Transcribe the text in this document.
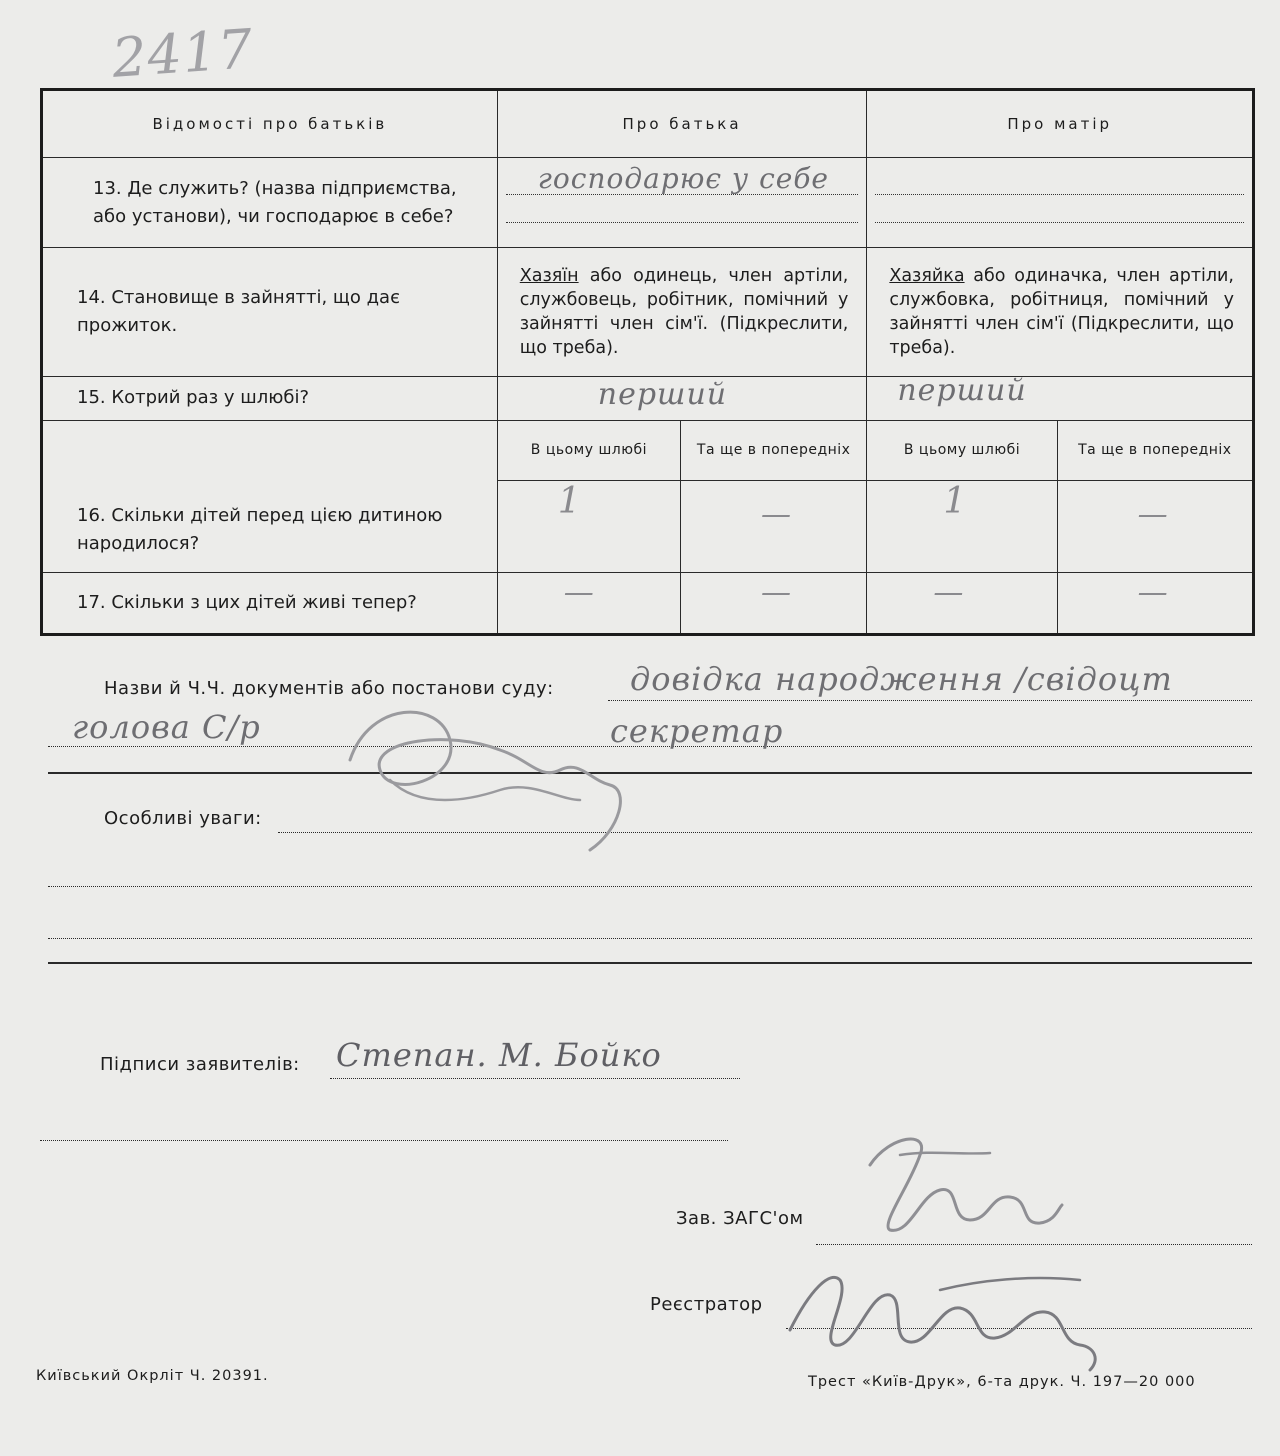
2417
Відомості про батьків	Про батька		Про матір	
13. Де служить? (назва підприємства, або установи), чи господарює в себе?	господарює у себе			

14. Становище в зайнятті, що дає прожиток.	Хазяїн або одинець, член артіли, службовець, робітник, помічний у зайнятті член сім'ї. (Підкреслити, що треба).		Хазяйка або одиначка, член артіли, службовка, робітниця, помічний у зайнятті член сім'ї (Підкреслити, що треба).	
15. Котрий раз у шлюбі?	перший		перший	

16. Скільки дітей перед цією дитиною народилося?	В цьому шлюбі	Та ще в попередніх	В цьому шлюбі	Та ще в попередніх

	1	—	1	—

17. Скільки з цих дітей живі тепер?	—	—	—	—
Назви й Ч.Ч. документів або постанови суду: довідка народження /свідоцт
голова С/р	секретар
Особливі уваги:
Підписи заявителів: Степан. М. Бойко
Зав. ЗАГС'ом
Реєстратор
Київський Окрліт Ч. 20391.	Трест «Київ-Друк», 6-та друк. Ч. 197—20 000
